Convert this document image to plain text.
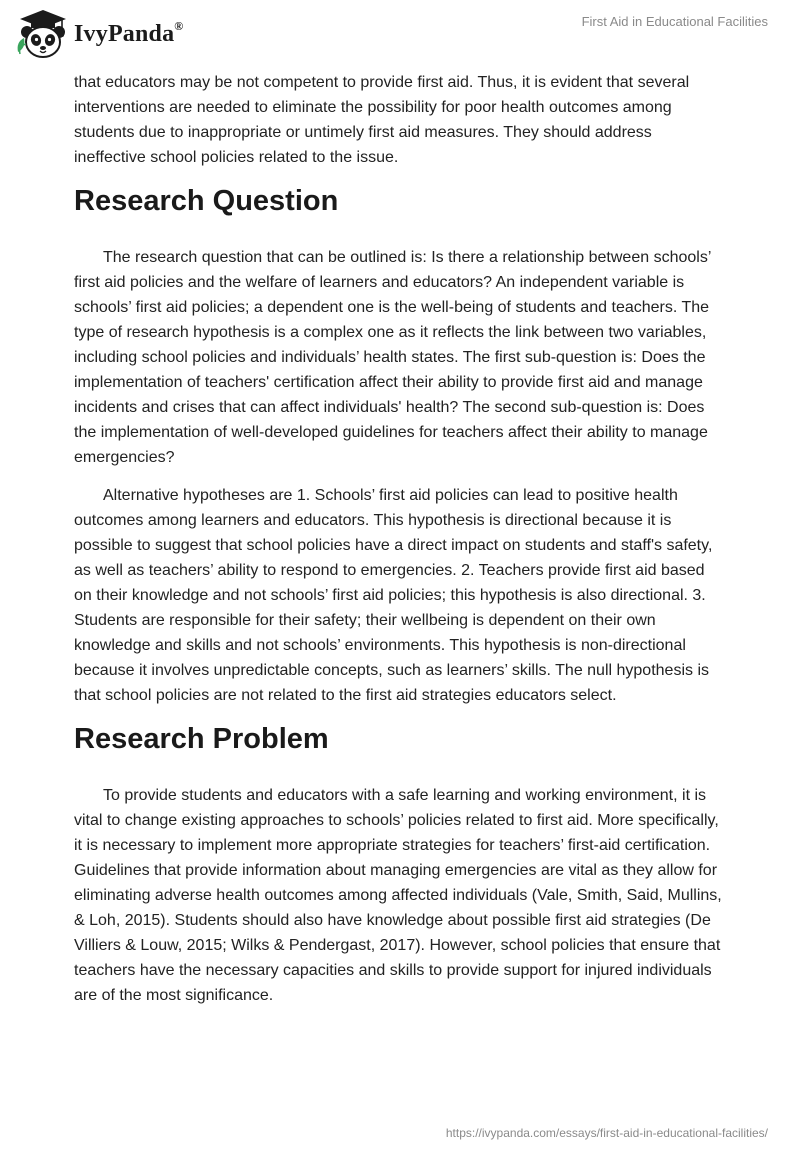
IvyPanda®	First Aid in Educational Facilities

that educators may be not competent to provide first aid. Thus, it is evident that several interventions are needed to eliminate the possibility for poor health outcomes among students due to inappropriate or untimely first aid measures. They should address ineffective school policies related to the issue.

Research Question

The research question that can be outlined is: Is there a relationship between schools’ first aid policies and the welfare of learners and educators? An independent variable is schools’ first aid policies; a dependent one is the well-being of students and teachers. The type of research hypothesis is a complex one as it reflects the link between two variables, including school policies and individuals’ health states. The first sub-question is: Does the implementation of teachers' certification affect their ability to provide first aid and manage incidents and crises that can affect individuals' health? The second sub-question is: Does the implementation of well-developed guidelines for teachers affect their ability to manage emergencies?

Alternative hypotheses are 1. Schools’ first aid policies can lead to positive health outcomes among learners and educators. This hypothesis is directional because it is possible to suggest that school policies have a direct impact on students and staff's safety, as well as teachers’ ability to respond to emergencies. 2. Teachers provide first aid based on their knowledge and not schools’ first aid policies; this hypothesis is also directional. 3. Students are responsible for their safety; their wellbeing is dependent on their own knowledge and skills and not schools’ environments. This hypothesis is non-directional because it involves unpredictable concepts, such as learners’ skills. The null hypothesis is that school policies are not related to the first aid strategies educators select.

Research Problem

To provide students and educators with a safe learning and working environment, it is vital to change existing approaches to schools’ policies related to first aid. More specifically, it is necessary to implement more appropriate strategies for teachers’ first-aid certification. Guidelines that provide information about managing emergencies are vital as they allow for eliminating adverse health outcomes among affected individuals (Vale, Smith, Said, Mullins, & Loh, 2015). Students should also have knowledge about possible first aid strategies (De Villiers & Louw, 2015; Wilks & Pendergast, 2017). However, school policies that ensure that teachers have the necessary capacities and skills to provide support for injured individuals are of the most significance.

https://ivypanda.com/essays/first-aid-in-educational-facilities/
